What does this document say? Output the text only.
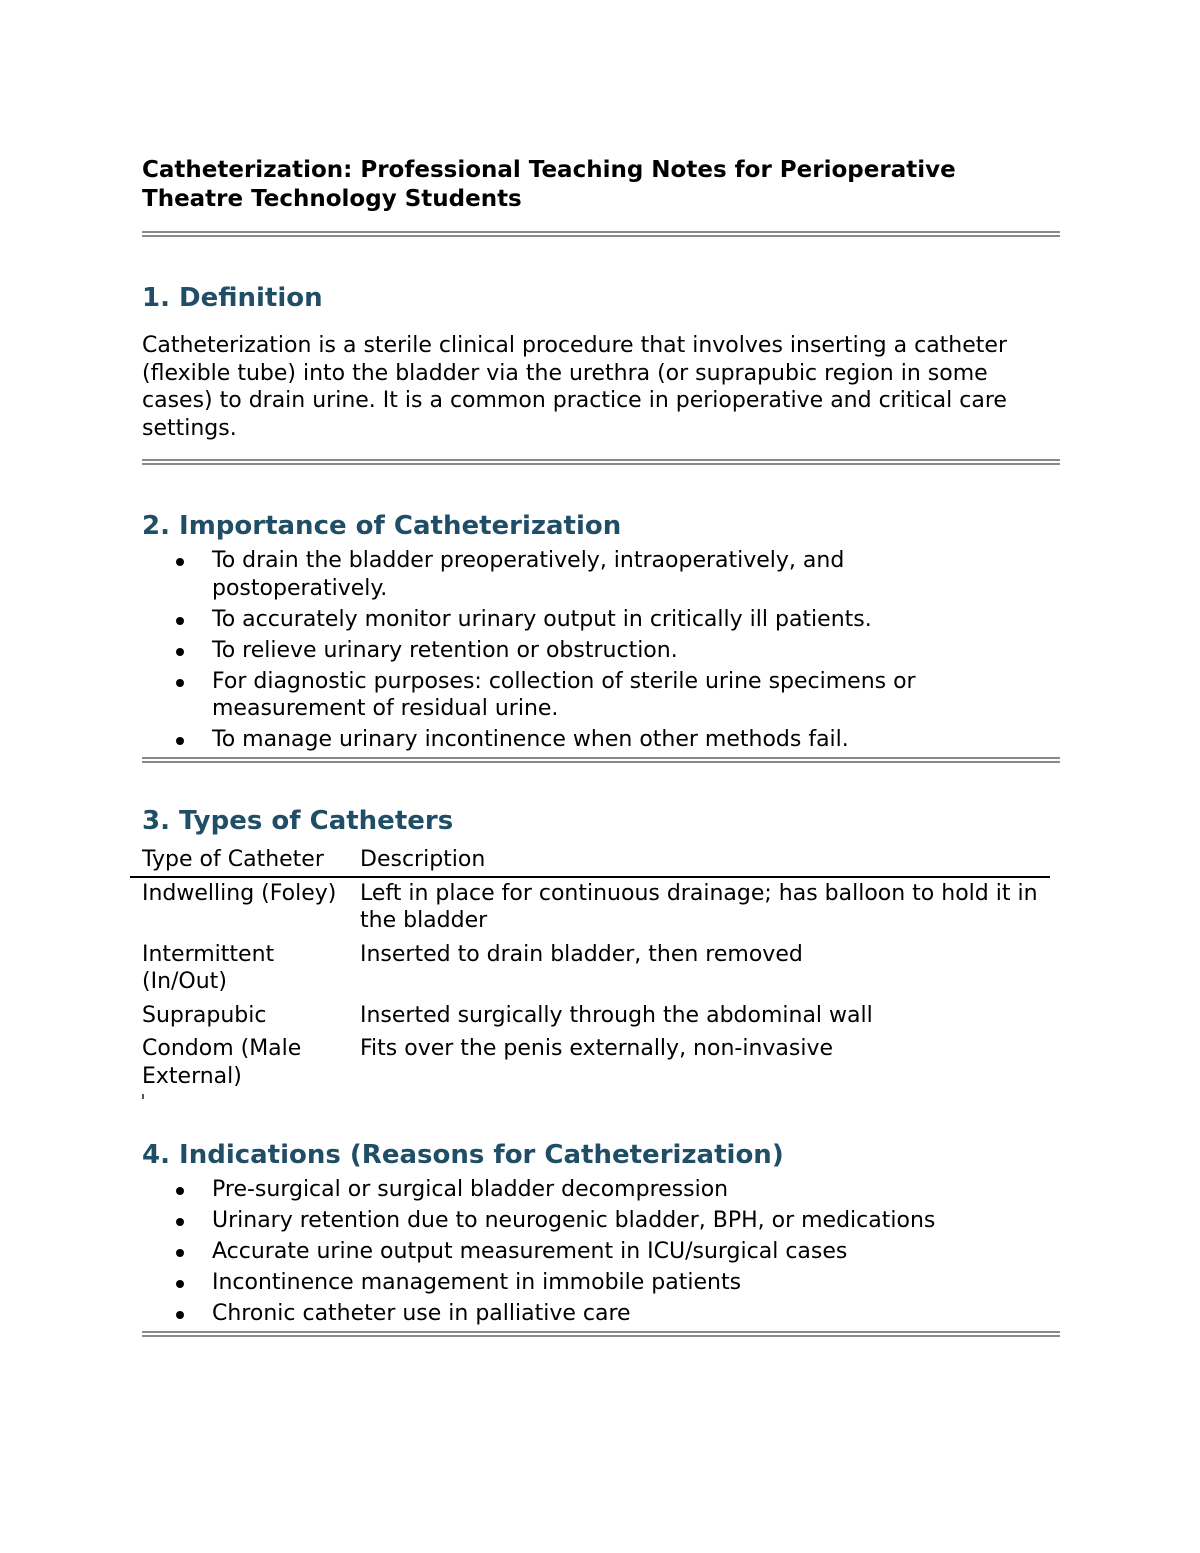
Catheterization: Professional Teaching Notes for Perioperative Theatre Technology Students
1. Definition

Catheterization is a sterile clinical procedure that involves inserting a catheter (flexible tube) into the bladder via the urethra (or suprapubic region in some cases) to drain urine. It is a common practice in perioperative and critical care settings.

2. Importance of Catheterization
To drain the bladder preoperatively, intraoperatively, and postoperatively.
To accurately monitor urinary output in critically ill patients.
To relieve urinary retention or obstruction.
For diagnostic purposes: collection of sterile urine specimens or measurement of residual urine.
To manage urinary incontinence when other methods fail.
3. Types of Catheters
Type of Catheter	Description
Indwelling (Foley)	Left in place for continuous drainage; has balloon to hold it in the bladder
Intermittent (In/Out)	Inserted to drain bladder, then removed
Suprapubic	Inserted surgically through the abdominal wall
Condom (Male External)	Fits over the penis externally, non-invasive
4. Indications (Reasons for Catheterization)
Pre-surgical or surgical bladder decompression
Urinary retention due to neurogenic bladder, BPH, or medications
Accurate urine output measurement in ICU/surgical cases
Incontinence management in immobile patients
Chronic catheter use in palliative care
